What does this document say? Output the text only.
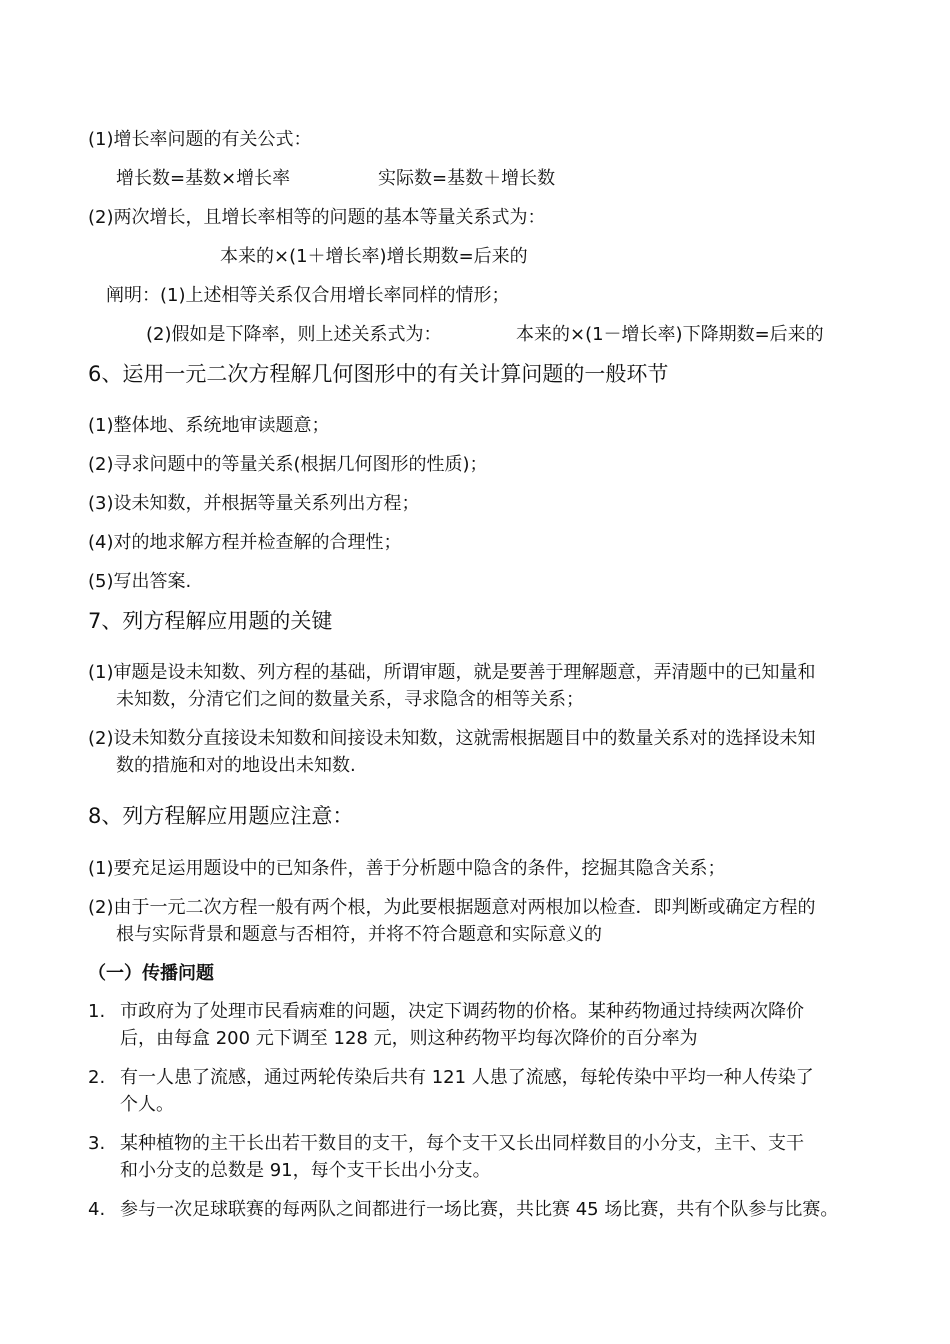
(1)增长率问题的有关公式：
增长数=基数×增长率	实际数=基数＋增长数
(2)两次增长，且增长率相等的问题的基本等量关系式为：
本来的×(1＋增长率)增长期数=后来的
阐明：(1)上述相等关系仅合用增长率同样的情形；
(2)假如是下降率，则上述关系式为：	本来的×(1－增长率)下降期数=后来的
6、运用一元二次方程解几何图形中的有关计算问题的一般环节
(1)整体地、系统地审读题意；
(2)寻求问题中的等量关系(根据几何图形的性质)；
(3)设未知数，并根据等量关系列出方程；
(4)对的地求解方程并检查解的合理性；
(5)写出答案.
7、列方程解应用题的关键
(1)审题是设未知数、列方程的基础，所谓审题，就是要善于理解题意，弄清题中的已知量和
未知数，分清它们之间的数量关系，寻求隐含的相等关系；
(2)设未知数分直接设未知数和间接设未知数，这就需根据题目中的数量关系对的选择设未知
数的措施和对的地设出未知数.
8、列方程解应用题应注意：
(1)要充足运用题设中的已知条件，善于分析题中隐含的条件，挖掘其隐含关系；
(2)由于一元二次方程一般有两个根，为此要根据题意对两根加以检查．即判断或确定方程的
根与实际背景和题意与否相符，并将不符合题意和实际意义的
（一）传播问题
1. 市政府为了处理市民看病难的问题，决定下调药物的价格。某种药物通过持续两次降价
后，由每盒 200 元下调至 128 元，则这种药物平均每次降价的百分率为
2. 有一人患了流感，通过两轮传染后共有 121 人患了流感，每轮传染中平均一种人传染了
个人。
3. 某种植物的主干长出若干数目的支干，每个支干又长出同样数目的小分支，主干、支干
和小分支的总数是 91，每个支干长出小分支。
4. 参与一次足球联赛的每两队之间都进行一场比赛，共比赛 45 场比赛，共有个队参与比赛。
